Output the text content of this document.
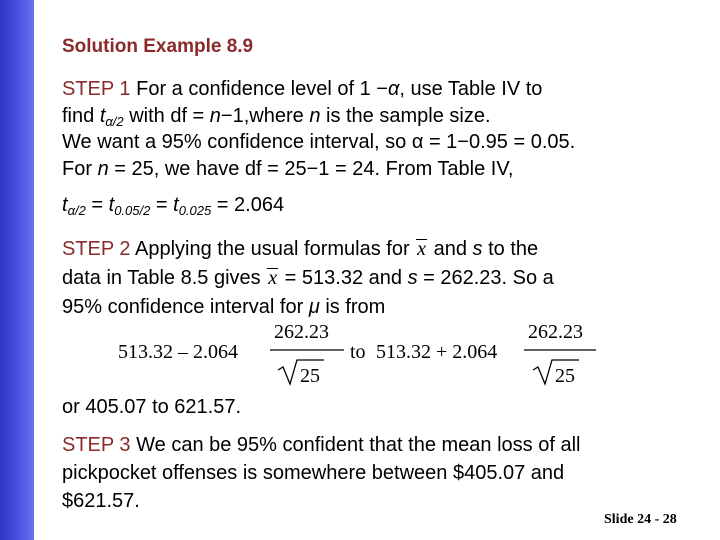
Solution Example 8.9
STEP 1 For a confidence level of 1 −α, use Table IV to
find $t_{\alpha/2}$ with df = n−1,where n is the sample size.
We want a 95% confidence interval, so α = 1−0.95 = 0.05.
For n = 25, we have df = 25−1 = 24. From Table IV,
$t_{\alpha/2} = t_{0.05/2} = t_{0.025} = 2.064$
STEP 2 Applying the usual formulas for x and s to the
data in Table 8.5 gives x = 513.32 and s = 262.23. So a
95% confidence interval for μ is from
513.32 – 2.064
262.23
25
to 513.32 + 2.064
262.23
25
or 405.07 to 621.57.
STEP 3 We can be 95% confident that the mean loss of all
pickpocket offenses is somewhere between $405.07 and
$621.57.
Slide 24 - 28
